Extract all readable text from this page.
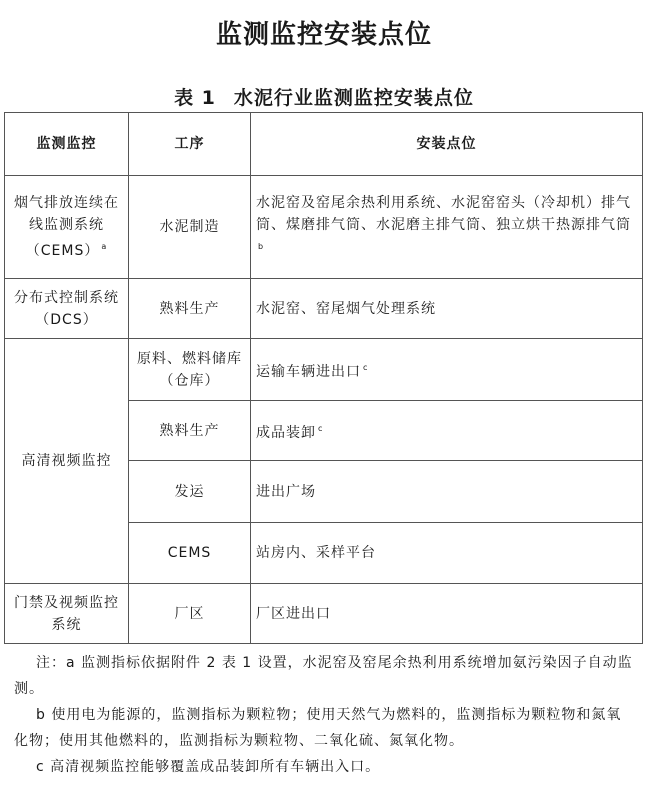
监测监控安装点位
表 1 水泥行业监测监控安装点位
监测监控	工序	安装点位
烟气排放连续在线监测系统（CEMS） $^a$	水泥制造	水泥窑及窑尾余热利用系统、水泥窑窑头（冷却机）排气筒、煤磨排气筒、水泥磨主排气筒、独立烘干热源排气筒$^b$
分布式控制系统（DCS）	熟料生产	水泥窑、窑尾烟气处理系统
高清视频监控	原料、燃料储库（仓库）	运输车辆进出口 $^c$
	熟料生产	成品装卸 $^c$
	发运	进出广场
	CEMS	站房内、采样平台
门禁及视频监控系统	厂区	厂区进出口

注：a 监测指标依据附件 2 表 1 设置，水泥窑及窑尾余热利用系统增加氨污染因子自动监测。

b 使用电为能源的，监测指标为颗粒物；使用天然气为燃料的，监测指标为颗粒物和氮氧化物；使用其他燃料的，监测指标为颗粒物、二氧化硫、氮氧化物。

c 高清视频监控能够覆盖成品装卸所有车辆出入口。
